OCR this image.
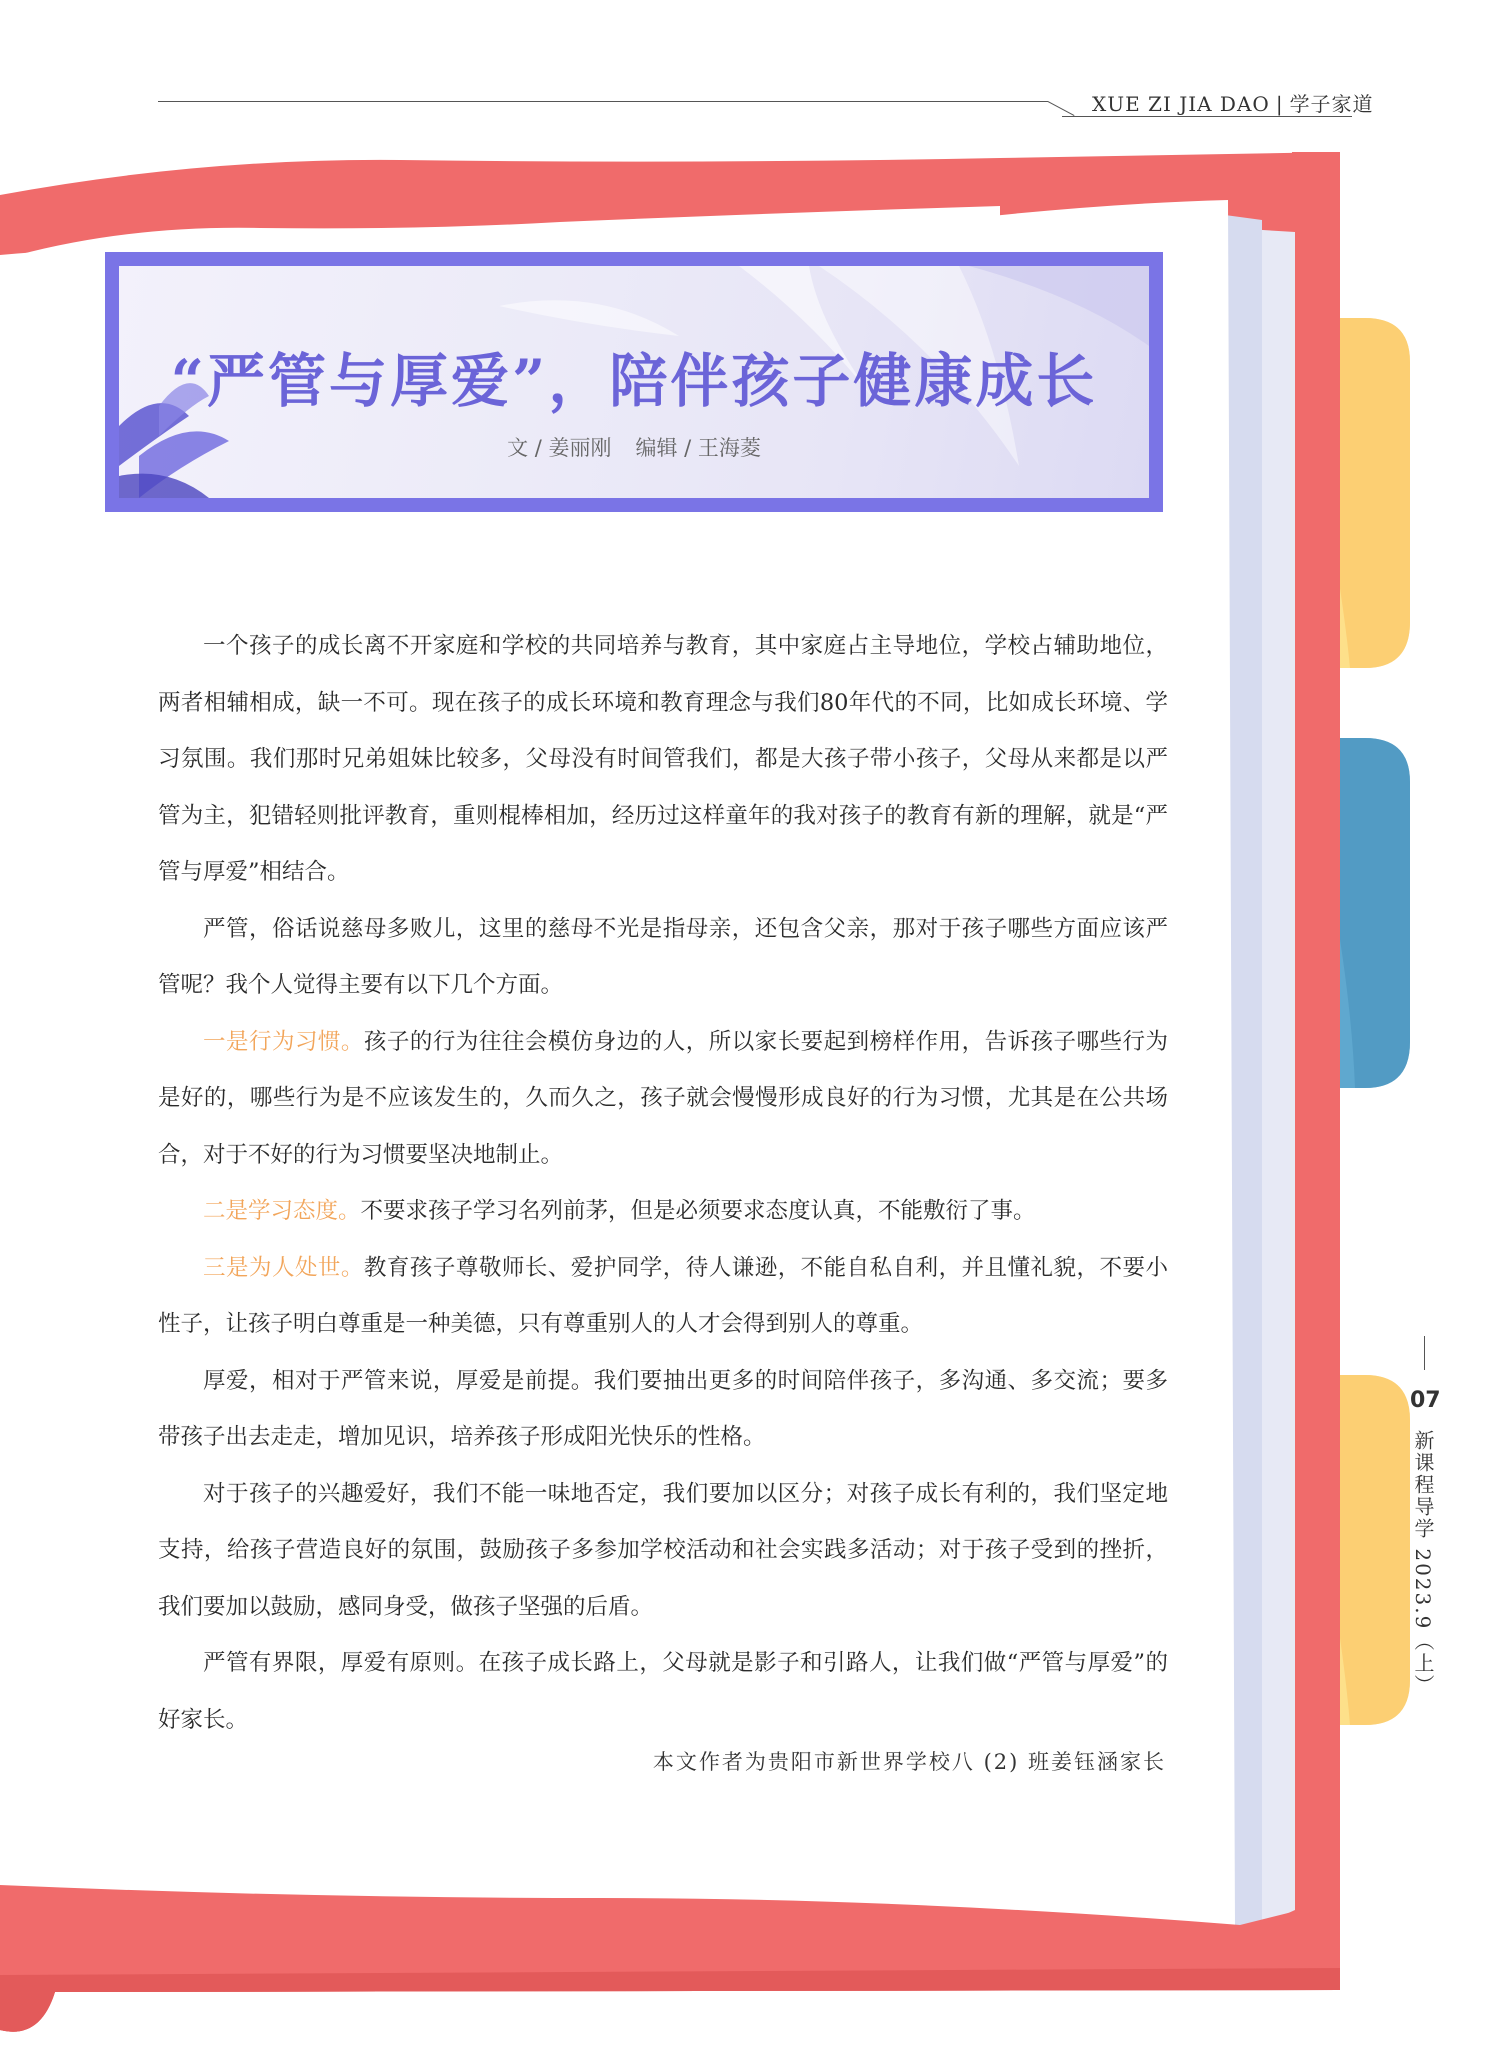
XUE ZI JIA DAO | 学子家道
“严管与厚爱”，陪伴孩子健康成长
文 / 姜丽刚 编辑 / 王海菱

一个孩子的成长离不开家庭和学校的共同培养与教育，其中家庭占主导地位，学校占辅助地位，两者相辅相成，缺一不可。现在孩子的成长环境和教育理念与我们80年代的不同，比如成长环境、学习氛围。我们那时兄弟姐妹比较多，父母没有时间管我们，都是大孩子带小孩子，父母从来都是以严管为主，犯错轻则批评教育，重则棍棒相加，经历过这样童年的我对孩子的教育有新的理解，就是“严管与厚爱”相结合。

严管，俗话说慈母多败儿，这里的慈母不光是指母亲，还包含父亲，那对于孩子哪些方面应该严管呢？我个人觉得主要有以下几个方面。

一是行为习惯。孩子的行为往往会模仿身边的人，所以家长要起到榜样作用，告诉孩子哪些行为是好的，哪些行为是不应该发生的，久而久之，孩子就会慢慢形成良好的行为习惯，尤其是在公共场合，对于不好的行为习惯要坚决地制止。

二是学习态度。不要求孩子学习名列前茅，但是必须要求态度认真，不能敷衍了事。

三是为人处世。教育孩子尊敬师长、爱护同学，待人谦逊，不能自私自利，并且懂礼貌，不要小性子，让孩子明白尊重是一种美德，只有尊重别人的人才会得到别人的尊重。

厚爱，相对于严管来说，厚爱是前提。我们要抽出更多的时间陪伴孩子，多沟通、多交流；要多带孩子出去走走，增加见识，培养孩子形成阳光快乐的性格。

对于孩子的兴趣爱好，我们不能一味地否定，我们要加以区分；对孩子成长有利的，我们坚定地支持，给孩子营造良好的氛围，鼓励孩子多参加学校活动和社会实践多活动；对于孩子受到的挫折，我们要加以鼓励，感同身受，做孩子坚强的后盾。

严管有界限，厚爱有原则。在孩子成长路上，父母就是影子和引路人，让我们做“严管与厚爱”的好家长。

本文作者为贵阳市新世界学校八 (2) 班姜钰涵家长
07
新课程导学 2023.9（上）
